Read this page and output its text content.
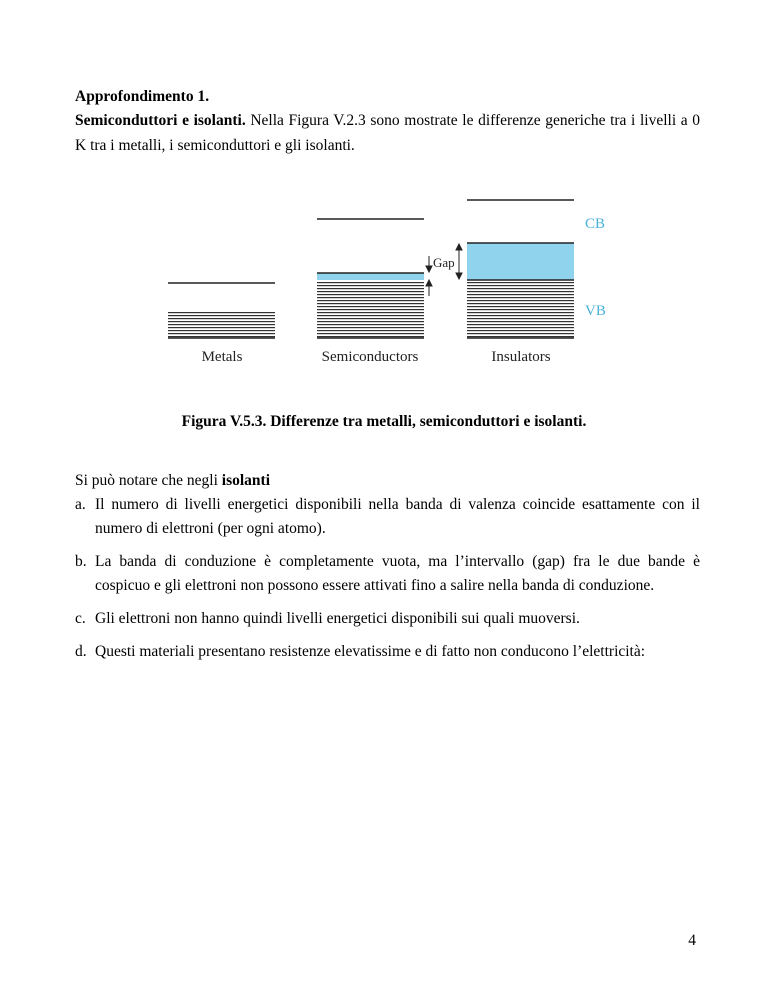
Approfondimento 1.

Semiconduttori e isolanti. Nella Figura V.2.3 sono mostrate le differenze generiche tra i livelli a 0 K tra i metalli, i semiconduttori e gli isolanti.

Gap
CB
VB
Metals	Semiconductors	Insulators

Figura V.5.3. Differenze tra metalli, semiconduttori e isolanti.

Si può notare che negli isolanti

a. Il numero di livelli energetici disponibili nella banda di valenza coincide esattamente con il numero di elettroni (per ogni atomo).
b. La banda di conduzione è completamente vuota, ma l’intervallo (gap) fra le due bande è cospicuo e gli elettroni non possono essere attivati fino a salire nella banda di conduzione.
c. Gli elettroni non hanno quindi livelli energetici disponibili sui quali muoversi.
d. Questi materiali presentano resistenze elevatissime e di fatto non conducono l’elettricità:

4
